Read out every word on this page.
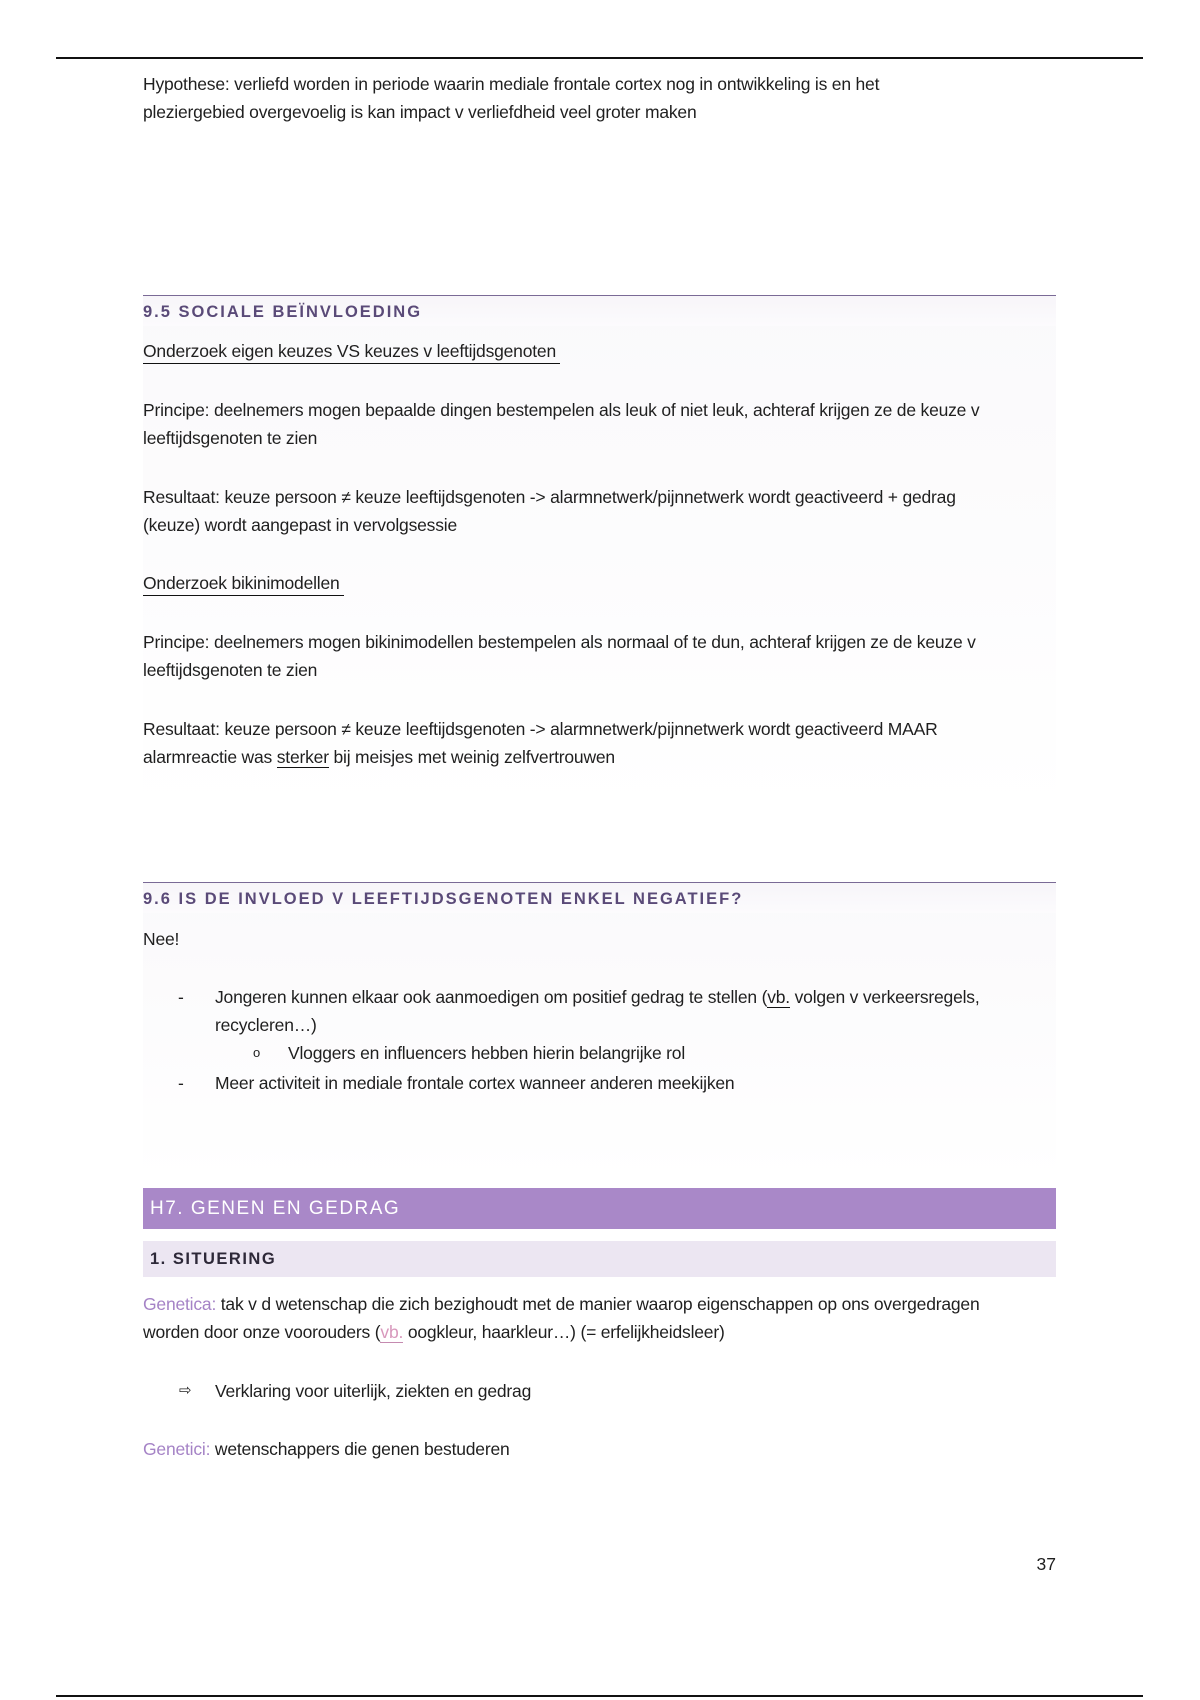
Hypothese: verliefd worden in periode waarin mediale frontale cortex nog in ontwikkeling is en het

pleziergebied overgevoelig is kan impact v verliefdheid veel groter maken

9.5 SOCIALE BEÏNVLOEDING
Onderzoek eigen keuzes VS keuzes v leeftijdsgenoten

Principe: deelnemers mogen bepaalde dingen bestempelen als leuk of niet leuk, achteraf krijgen ze de keuze v

leeftijdsgenoten te zien

Resultaat: keuze persoon ≠ keuze leeftijdsgenoten -> alarmnetwerk/pijnnetwerk wordt geactiveerd + gedrag

(keuze) wordt aangepast in vervolgsessie

Onderzoek bikinimodellen

Principe: deelnemers mogen bikinimodellen bestempelen als normaal of te dun, achteraf krijgen ze de keuze v

leeftijdsgenoten te zien

Resultaat: keuze persoon ≠ keuze leeftijdsgenoten -> alarmnetwerk/pijnnetwerk wordt geactiveerd MAAR

alarmreactie was sterker bij meisjes met weinig zelfvertrouwen

9.6 IS DE INVLOED V LEEFTIJDSGENOTEN ENKEL NEGATIEF?

Nee!

- Jongeren kunnen elkaar ook aanmoedigen om positief gedrag te stellen (vb. volgen v verkeersregels,
recycleren…)
o Vloggers en influencers hebben hierin belangrijke rol
- Meer activiteit in mediale frontale cortex wanneer anderen meekijken
H7. GENEN EN GEDRAG
1. SITUERING

Genetica: tak v d wetenschap die zich bezighoudt met de manier waarop eigenschappen op ons overgedragen

worden door onze voorouders (vb. oogkleur, haarkleur…) (= erfelijkheidsleer)

⇨ Verklaring voor uiterlijk, ziekten en gedrag

Genetici: wetenschappers die genen bestuderen

37
